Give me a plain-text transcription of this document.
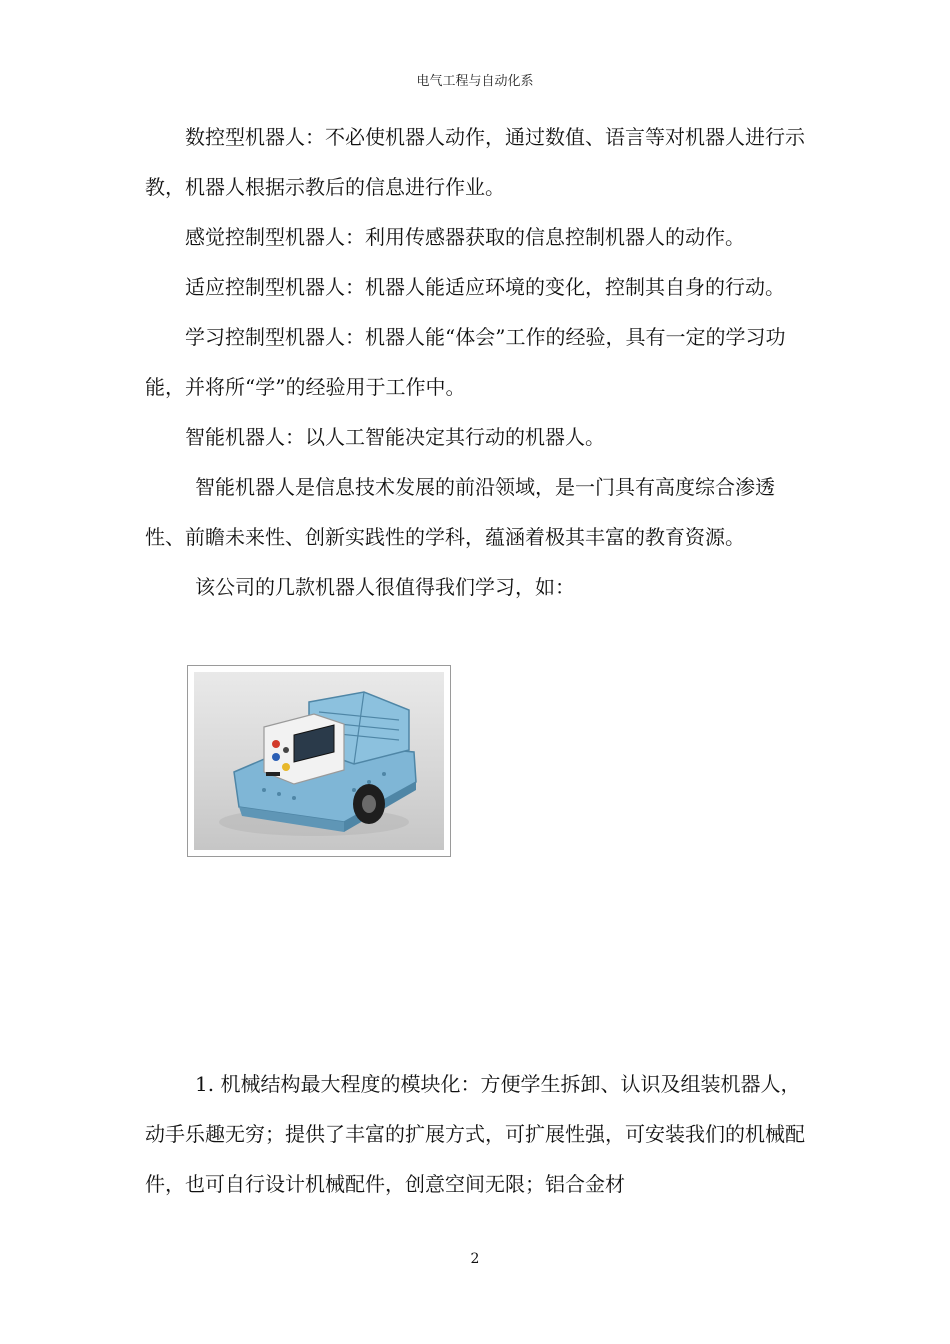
电气工程与自动化系

数控型机器人：不必使机器人动作，通过数值、语言等对机器人进行示教，机器人根据示教后的信息进行作业。

感觉控制型机器人：利用传感器获取的信息控制机器人的动作。

适应控制型机器人：机器人能适应环境的变化，控制其自身的行动。

学习控制型机器人：机器人能“体会”工作的经验，具有一定的学习功能，并将所“学”的经验用于工作中。

智能机器人：以人工智能决定其行动的机器人。

智能机器人是信息技术发展的前沿领域，是一门具有高度综合渗透性、前瞻未来性、创新实践性的学科，蕴涵着极其丰富的教育资源。

该公司的几款机器人很值得我们学习，如：

1. 机械结构最大程度的模块化：方便学生拆卸、认识及组装机器人，动手乐趣无穷；提供了丰富的扩展方式，可扩展性强，可安装我们的机械配件，也可自行设计机械配件，创意空间无限；铝合金材

2
